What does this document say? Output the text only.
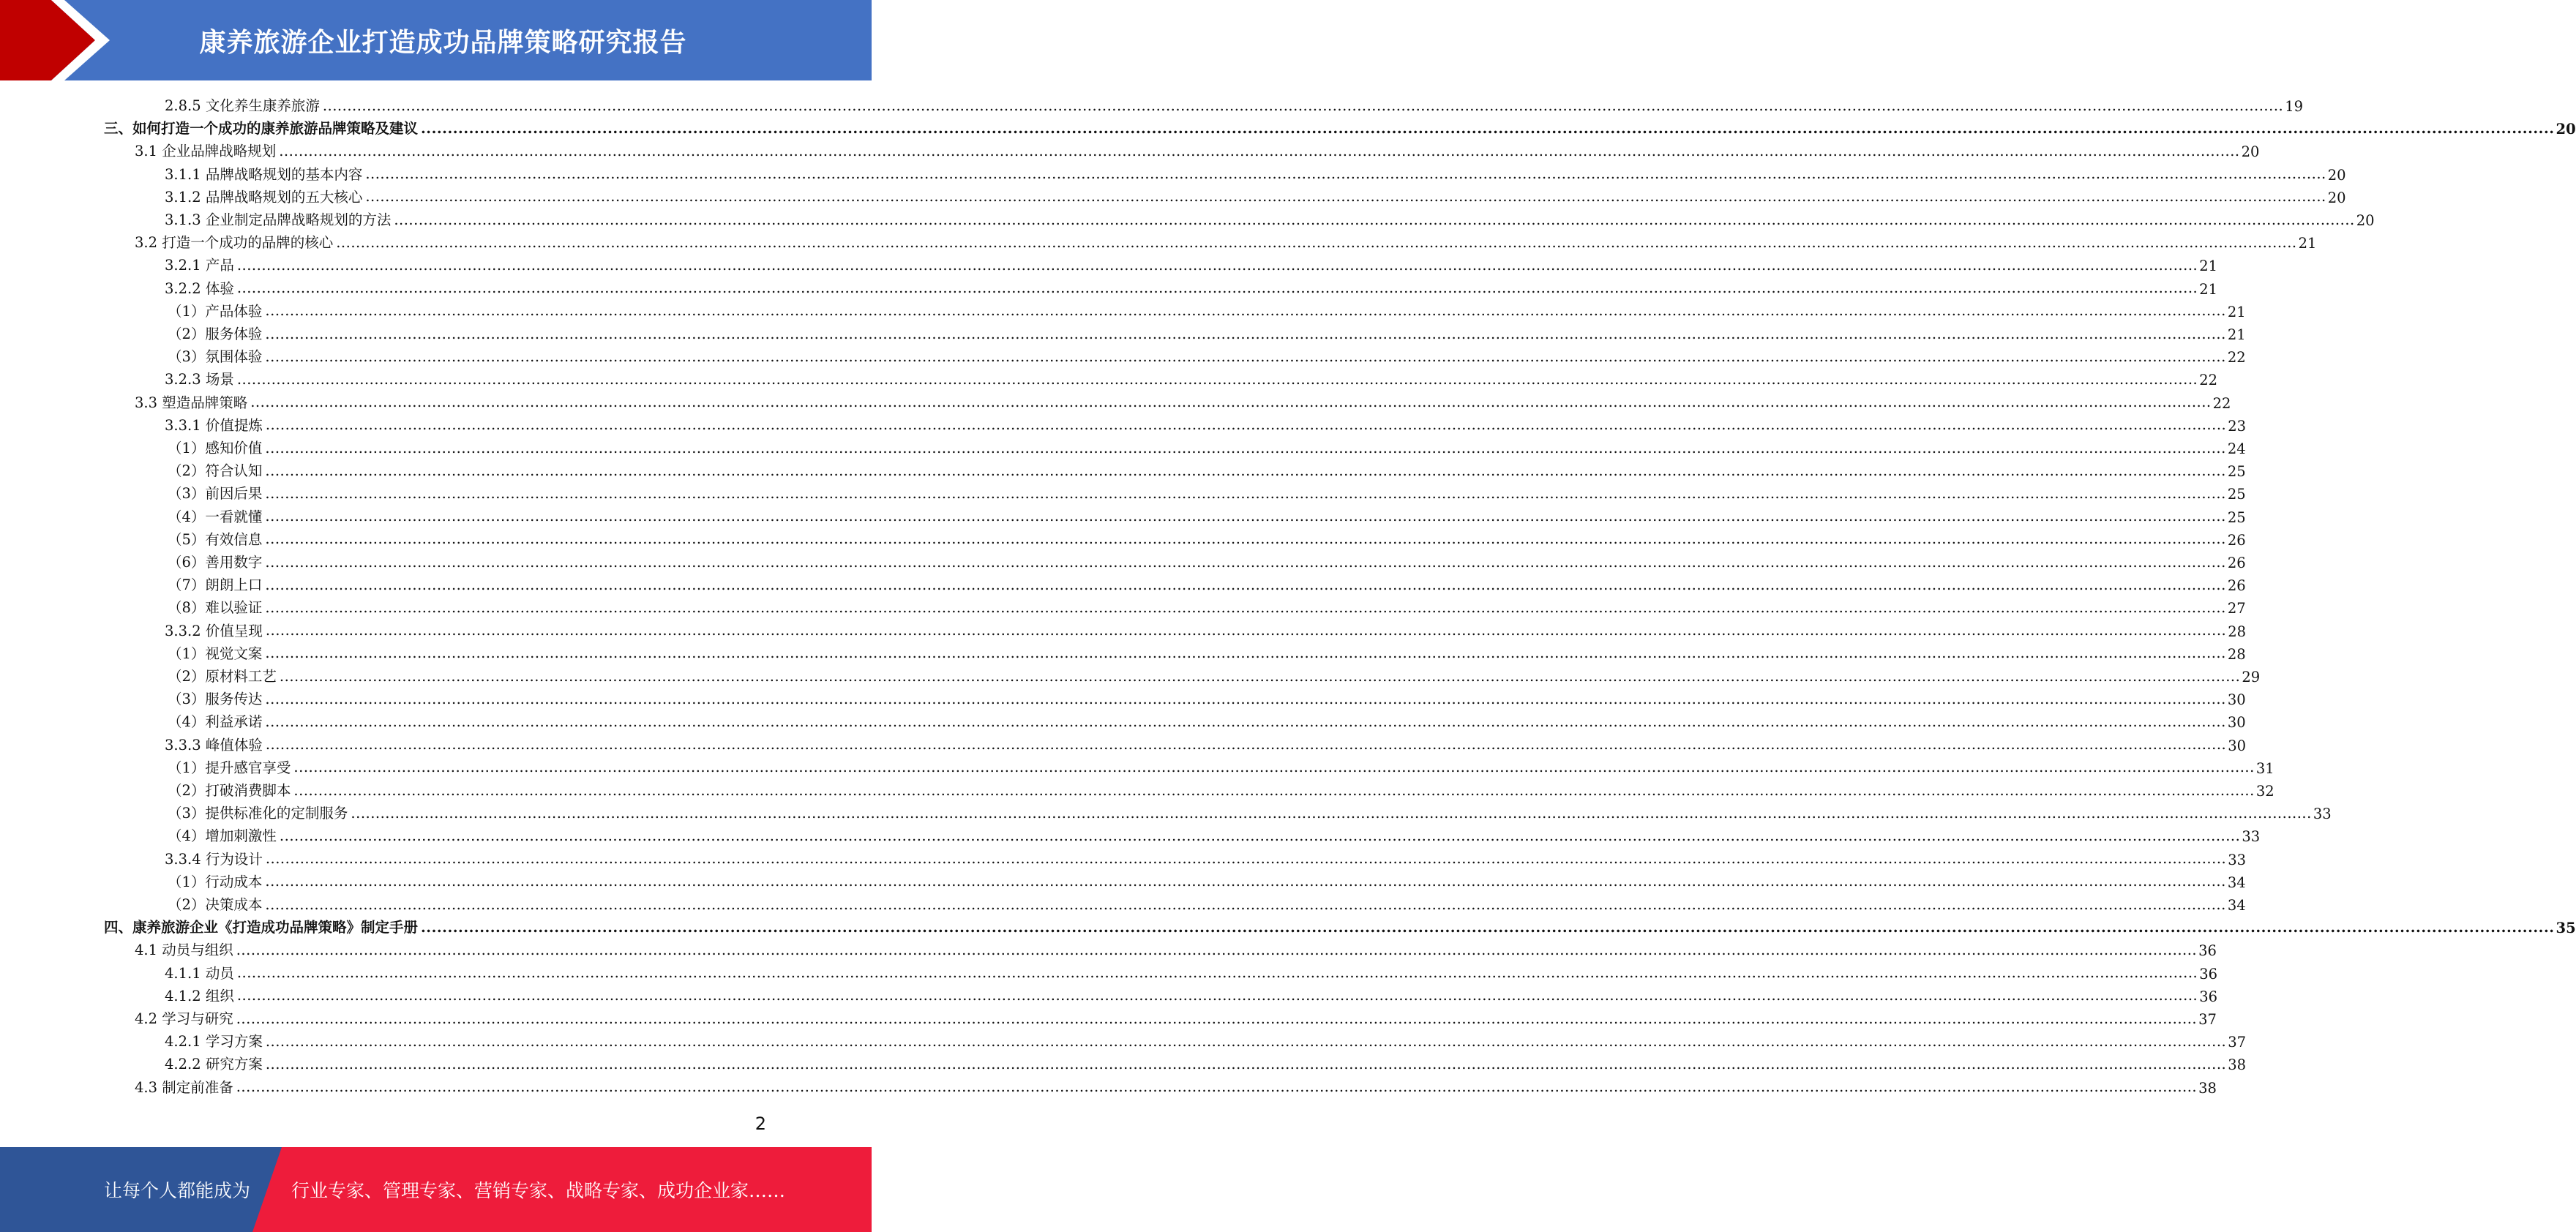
康养旅游企业打造成功品牌策略研究报告
2.8.5 文化养生康养旅游 ................................................................................................................................................................................................................................................................................................................................................................................................................ 19
三、如何打造一个成功的康养旅游品牌策略及建议 ................................................................................................................................................................................................................................................................................................................................................................................................................ 20
3.1 企业品牌战略规划 ................................................................................................................................................................................................................................................................................................................................................................................................................ 20
3.1.1 品牌战略规划的基本内容 ................................................................................................................................................................................................................................................................................................................................................................................................................ 20
3.1.2 品牌战略规划的五大核心 ................................................................................................................................................................................................................................................................................................................................................................................................................ 20
3.1.3 企业制定品牌战略规划的方法 ................................................................................................................................................................................................................................................................................................................................................................................................................ 20
3.2 打造一个成功的品牌的核心 ................................................................................................................................................................................................................................................................................................................................................................................................................ 21
3.2.1 产品 ................................................................................................................................................................................................................................................................................................................................................................................................................ 21
3.2.2 体验 ................................................................................................................................................................................................................................................................................................................................................................................................................ 21
（1）产品体验 ................................................................................................................................................................................................................................................................................................................................................................................................................ 21
（2）服务体验 ................................................................................................................................................................................................................................................................................................................................................................................................................ 21
（3）氛围体验 ................................................................................................................................................................................................................................................................................................................................................................................................................ 22
3.2.3 场景 ................................................................................................................................................................................................................................................................................................................................................................................................................ 22
3.3 塑造品牌策略 ................................................................................................................................................................................................................................................................................................................................................................................................................ 22
3.3.1 价值提炼 ................................................................................................................................................................................................................................................................................................................................................................................................................ 23
（1）感知价值 ................................................................................................................................................................................................................................................................................................................................................................................................................ 24
（2）符合认知 ................................................................................................................................................................................................................................................................................................................................................................................................................ 25
（3）前因后果 ................................................................................................................................................................................................................................................................................................................................................................................................................ 25
（4）一看就懂 ................................................................................................................................................................................................................................................................................................................................................................................................................ 25
（5）有效信息 ................................................................................................................................................................................................................................................................................................................................................................................................................ 26
（6）善用数字 ................................................................................................................................................................................................................................................................................................................................................................................................................ 26
（7）朗朗上口 ................................................................................................................................................................................................................................................................................................................................................................................................................ 26
（8）难以验证 ................................................................................................................................................................................................................................................................................................................................................................................................................ 27
3.3.2 价值呈现 ................................................................................................................................................................................................................................................................................................................................................................................................................ 28
（1）视觉文案 ................................................................................................................................................................................................................................................................................................................................................................................................................ 28
（2）原材料工艺 ................................................................................................................................................................................................................................................................................................................................................................................................................ 29
（3）服务传达 ................................................................................................................................................................................................................................................................................................................................................................................................................ 30
（4）利益承诺 ................................................................................................................................................................................................................................................................................................................................................................................................................ 30
3.3.3 峰值体验 ................................................................................................................................................................................................................................................................................................................................................................................................................ 30
（1）提升感官享受 ................................................................................................................................................................................................................................................................................................................................................................................................................ 31
（2）打破消费脚本 ................................................................................................................................................................................................................................................................................................................................................................................................................ 32
（3）提供标准化的定制服务 ................................................................................................................................................................................................................................................................................................................................................................................................................ 33
（4）增加刺激性 ................................................................................................................................................................................................................................................................................................................................................................................................................ 33
3.3.4 行为设计 ................................................................................................................................................................................................................................................................................................................................................................................................................ 33
（1）行动成本 ................................................................................................................................................................................................................................................................................................................................................................................................................ 34
（2）决策成本 ................................................................................................................................................................................................................................................................................................................................................................................................................ 34
四、康养旅游企业《打造成功品牌策略》制定手册 ................................................................................................................................................................................................................................................................................................................................................................................................................ 35
4.1 动员与组织 ................................................................................................................................................................................................................................................................................................................................................................................................................ 36
4.1.1 动员 ................................................................................................................................................................................................................................................................................................................................................................................................................ 36
4.1.2 组织 ................................................................................................................................................................................................................................................................................................................................................................................................................ 36
4.2 学习与研究 ................................................................................................................................................................................................................................................................................................................................................................................................................ 37
4.2.1 学习方案 ................................................................................................................................................................................................................................................................................................................................................................................................................ 37
4.2.2 研究方案 ................................................................................................................................................................................................................................................................................................................................................................................................................ 38
4.3 制定前准备 ................................................................................................................................................................................................................................................................................................................................................................................................................ 38
2
让每个人都能成为 行业专家、管理专家、营销专家、战略专家、成功企业家……
